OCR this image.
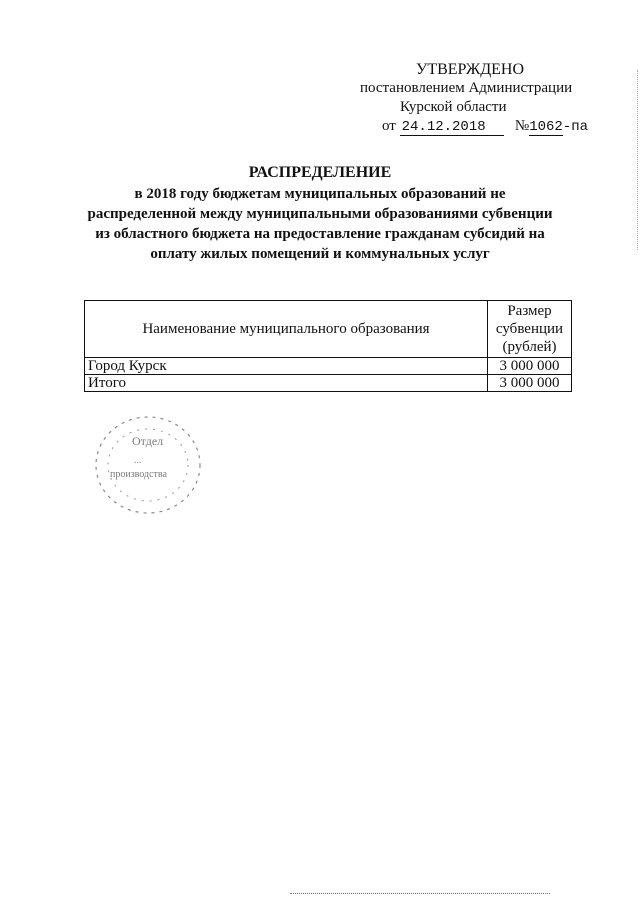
УТВЕРЖДЕНО
постановлением Администрации
Курской области
от 24.12.2018 №1062-па
РАСПРЕДЕЛЕНИЕ
в 2018 году бюджетам муниципальных образований не распределенной между муниципальными образованиями субвенции из областного бюджета на предоставление гражданам субсидий на оплату жилых помещений и коммунальных услуг
Наименование муниципального образования	Размер субвенции (рублей)
Город Курск	3 000 000
Итого	3 000 000
Отдел
...
производства
